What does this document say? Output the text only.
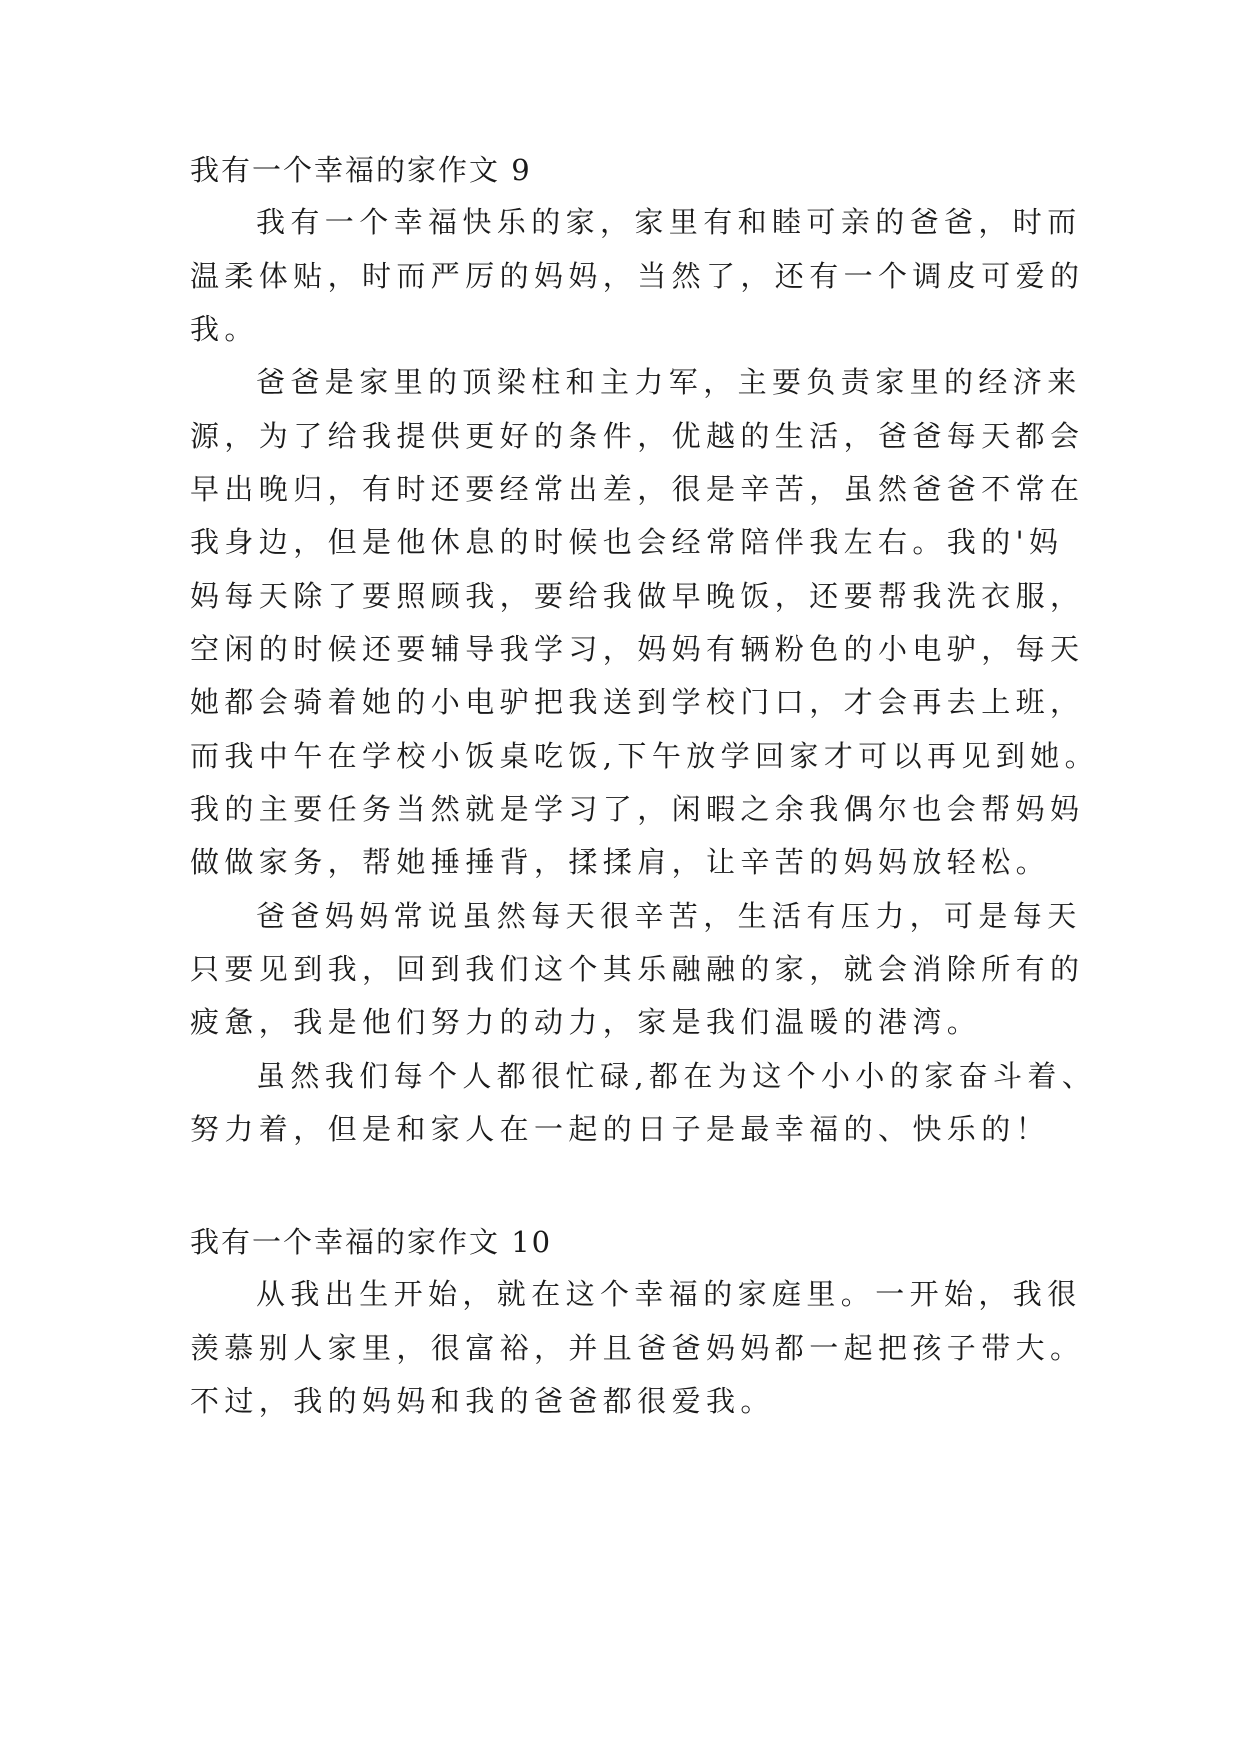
我有一个幸福的家作文 9
我有一个幸福快乐的家，家里有和睦可亲的爸爸，时而
温柔体贴，时而严厉的妈妈，当然了，还有一个调皮可爱的
我。
爸爸是家里的顶梁柱和主力军，主要负责家里的经济来
源，为了给我提供更好的条件，优越的生活，爸爸每天都会
早出晚归，有时还要经常出差，很是辛苦，虽然爸爸不常在
我身边，但是他休息的时候也会经常陪伴我左右。我的'妈
妈每天除了要照顾我，要给我做早晚饭，还要帮我洗衣服，
空闲的时候还要辅导我学习，妈妈有辆粉色的小电驴，每天
她都会骑着她的小电驴把我送到学校门口，才会再去上班，
而我中午在学校小饭桌吃饭,下午放学回家才可以再见到她。
我的主要任务当然就是学习了，闲暇之余我偶尔也会帮妈妈
做做家务，帮她捶捶背，揉揉肩，让辛苦的妈妈放轻松。
爸爸妈妈常说虽然每天很辛苦，生活有压力，可是每天
只要见到我，回到我们这个其乐融融的家，就会消除所有的
疲惫，我是他们努力的动力，家是我们温暖的港湾。
虽然我们每个人都很忙碌,都在为这个小小的家奋斗着、
努力着，但是和家人在一起的日子是最幸福的、快乐的！
我有一个幸福的家作文 10
从我出生开始，就在这个幸福的家庭里。一开始，我很
羡慕别人家里，很富裕，并且爸爸妈妈都一起把孩子带大。
不过，我的妈妈和我的爸爸都很爱我。
